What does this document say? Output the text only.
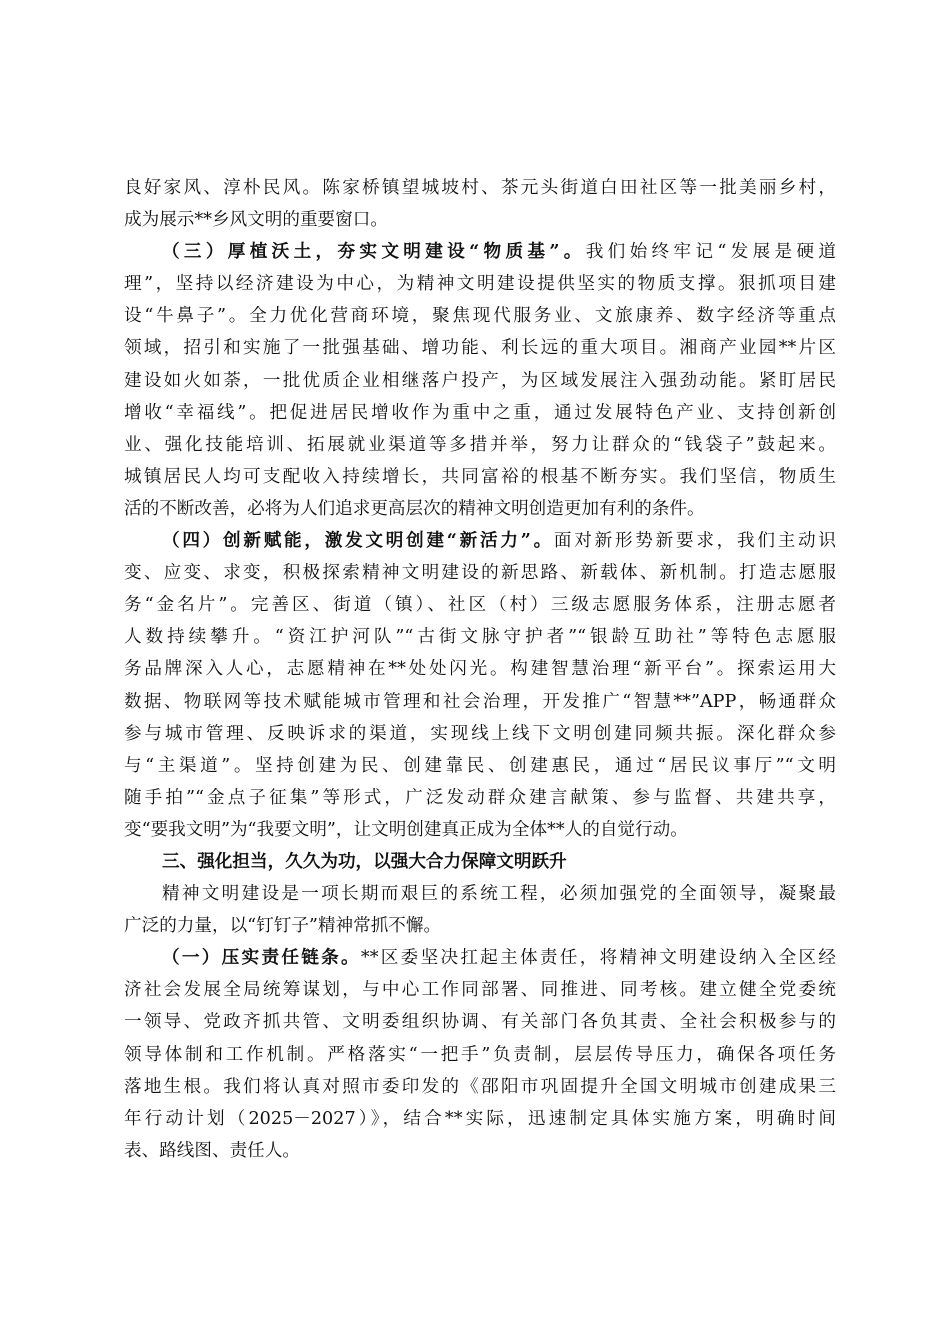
良好家风、淳朴民风。陈家桥镇望城坡村、茶元头街道白田社区等一批美丽乡村，
成为展示**乡风文明的重要窗口。
（三）厚植沃土，夯实文明建设“物质基”。我们始终牢记“发展是硬道
理”，坚持以经济建设为中心，为精神文明建设提供坚实的物质支撑。狠抓项目建
设“牛鼻子”。全力优化营商环境，聚焦现代服务业、文旅康养、数字经济等重点
领域，招引和实施了一批强基础、增功能、利长远的重大项目。湘商产业园**片区
建设如火如荼，一批优质企业相继落户投产，为区域发展注入强劲动能。紧盯居民
增收“幸福线”。把促进居民增收作为重中之重，通过发展特色产业、支持创新创
业、强化技能培训、拓展就业渠道等多措并举，努力让群众的“钱袋子”鼓起来。
城镇居民人均可支配收入持续增长，共同富裕的根基不断夯实。我们坚信，物质生
活的不断改善，必将为人们追求更高层次的精神文明创造更加有利的条件。
（四）创新赋能，激发文明创建“新活力”。面对新形势新要求，我们主动识
变、应变、求变，积极探索精神文明建设的新思路、新载体、新机制。打造志愿服
务“金名片”。完善区、街道（镇）、社区（村）三级志愿服务体系，注册志愿者
人数持续攀升。“资江护河队”“古街文脉守护者”“银龄互助社”等特色志愿服
务品牌深入人心，志愿精神在**处处闪光。构建智慧治理“新平台”。探索运用大
数据、物联网等技术赋能城市管理和社会治理，开发推广“智慧**”APP，畅通群众
参与城市管理、反映诉求的渠道，实现线上线下文明创建同频共振。深化群众参
与“主渠道”。坚持创建为民、创建靠民、创建惠民，通过“居民议事厅”“文明
随手拍”“金点子征集”等形式，广泛发动群众建言献策、参与监督、共建共享，
变“要我文明”为“我要文明”，让文明创建真正成为全体**人的自觉行动。
三、强化担当，久久为功，以强大合力保障文明跃升
精神文明建设是一项长期而艰巨的系统工程，必须加强党的全面领导，凝聚最
广泛的力量，以“钉钉子”精神常抓不懈。
（一）压实责任链条。**区委坚决扛起主体责任，将精神文明建设纳入全区经
济社会发展全局统筹谋划，与中心工作同部署、同推进、同考核。建立健全党委统
一领导、党政齐抓共管、文明委组织协调、有关部门各负其责、全社会积极参与的
领导体制和工作机制。严格落实“一把手”负责制，层层传导压力，确保各项任务
落地生根。我们将认真对照市委印发的《邵阳市巩固提升全国文明城市创建成果三
年行动计划（2025－2027）》，结合**实际，迅速制定具体实施方案，明确时间
表、路线图、责任人。
